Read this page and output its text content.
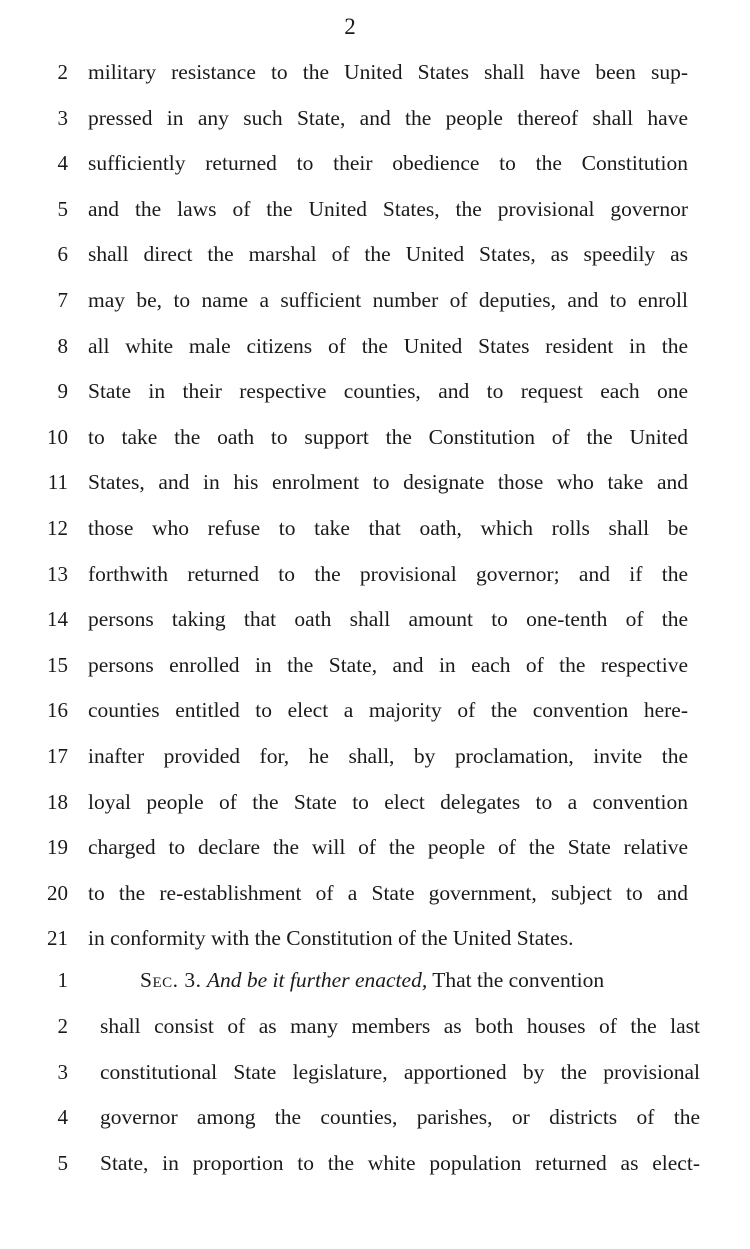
2
2 military resistance to the United States shall have been sup-
3 pressed in any such State, and the people thereof shall have
4 sufficiently returned to their obedience to the Constitution
5 and the laws of the United States, the provisional governor
6 shall direct the marshal of the United States, as speedily as
7 may be, to name a sufficient number of deputies, and to enroll
8 all white male citizens of the United States resident in the
9 State in their respective counties, and to request each one
10 to take the oath to support the Constitution of the United
11 States, and in his enrolment to designate those who take and
12 those who refuse to take that oath, which rolls shall be
13 forthwith returned to the provisional governor; and if the
14 persons taking that oath shall amount to one-tenth of the
15 persons enrolled in the State, and in each of the respective
16 counties entitled to elect a majority of the convention here-
17 inafter provided for, he shall, by proclamation, invite the
18 loyal people of the State to elect delegates to a convention
19 charged to declare the will of the people of the State relative
20 to the re-establishment of a State government, subject to and
21 in conformity with the Constitution of the United States.
1	Sec. 3. And be it further enacted, That the convention
2 shall consist of as many members as both houses of the last
3 constitutional State legislature, apportioned by the provisional
4 governor among the counties, parishes, or districts of the
5 State, in proportion to the white population returned as elect-
